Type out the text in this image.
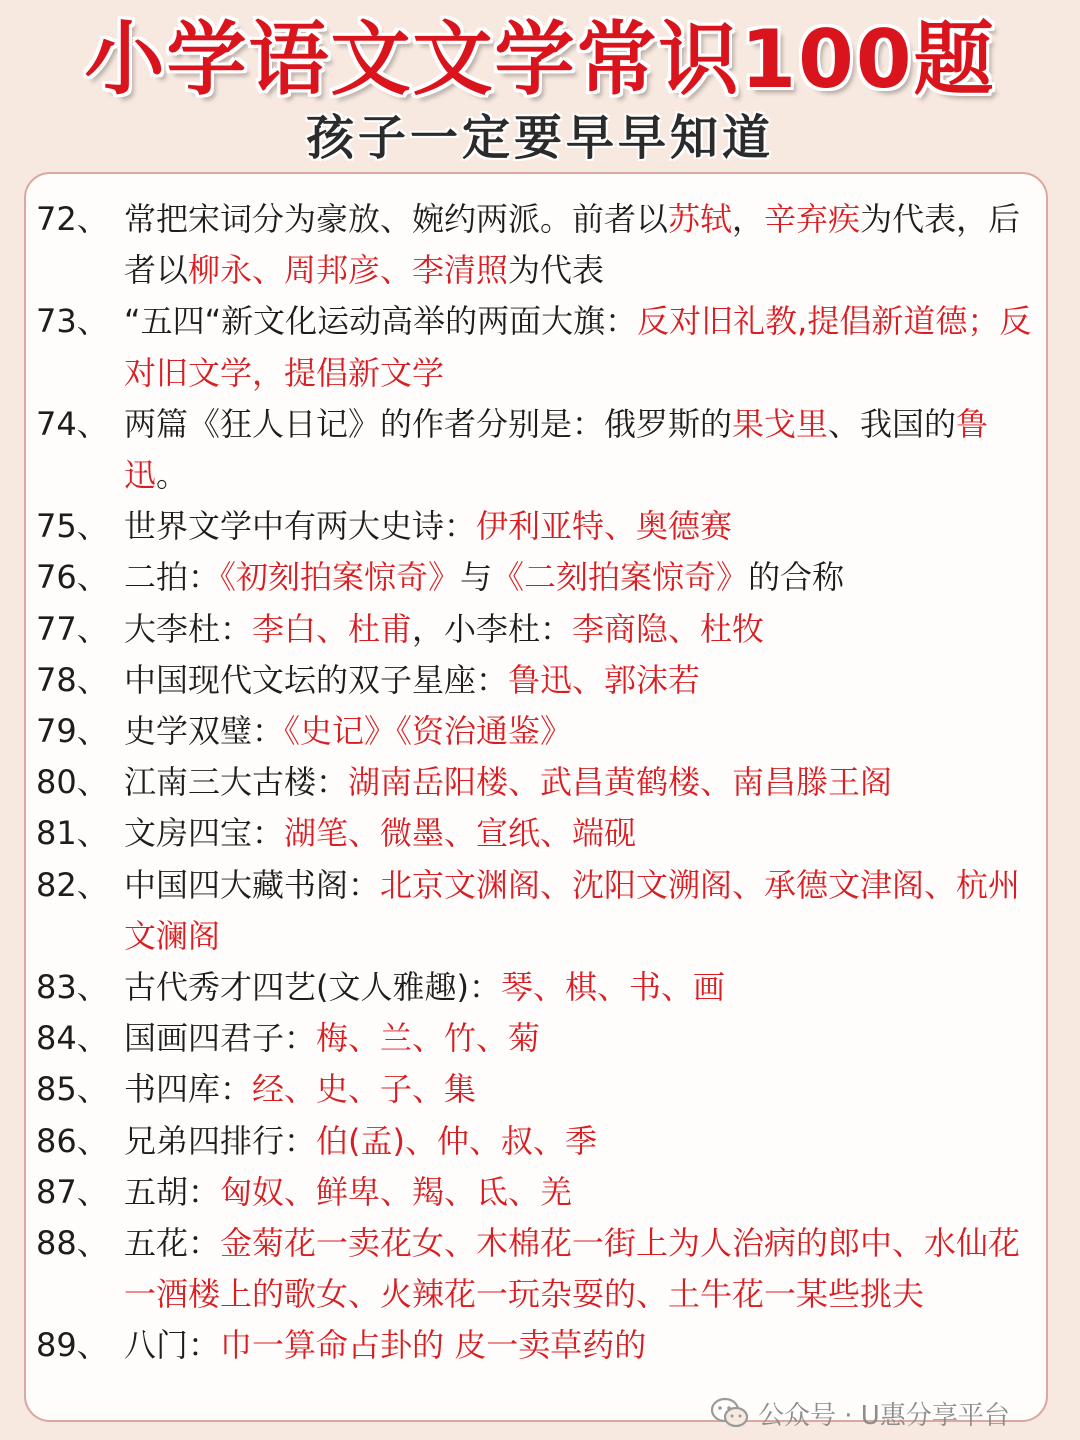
小学语文文学常识100题
孩子一定要早早知道
72、 常把宋词分为豪放、婉约两派。前者以苏轼，辛弃疾为代表，后者以柳永、周邦彦、李清照为代表
73、 “五四“新文化运动高举的两面大旗：反对旧礼教,提倡新道德；反对旧文学，提倡新文学
74、 两篇《狂人日记》的作者分别是：俄罗斯的果戈里、我国的鲁迅。
75、 世界文学中有两大史诗：伊利亚特、奥德赛
76、 二拍：《初刻拍案惊奇》与《二刻拍案惊奇》的合称
77、 大李杜：李白、杜甫，小李杜：李商隐、杜牧
78、 中国现代文坛的双子星座：鲁迅、郭沫若
79、 史学双璧：《史记》《资治通鉴》
80、 江南三大古楼：湖南岳阳楼、武昌黄鹤楼、南昌滕王阁
81、 文房四宝：湖笔、微墨、宣纸、端砚
82、 中国四大藏书阁：北京文渊阁、沈阳文溯阁、承德文津阁、杭州文澜阁
83、 古代秀才四艺(文人雅趣)：琴、棋、书、画
84、 国画四君子：梅、兰、竹、菊
85、 书四库：经、史、子、集
86、 兄弟四排行：伯(孟)、仲、叔、季
87、 五胡：匈奴、鲜卑、羯、氐、羌
88、 五花：金菊花一卖花女、木棉花一街上为人治病的郎中、水仙花一酒楼上的歌女、火辣花一玩杂耍的、土牛花一某些挑夫
89、 八门：巾一算命占卦的 皮一卖草药的
公众号 · U惠分享平台
